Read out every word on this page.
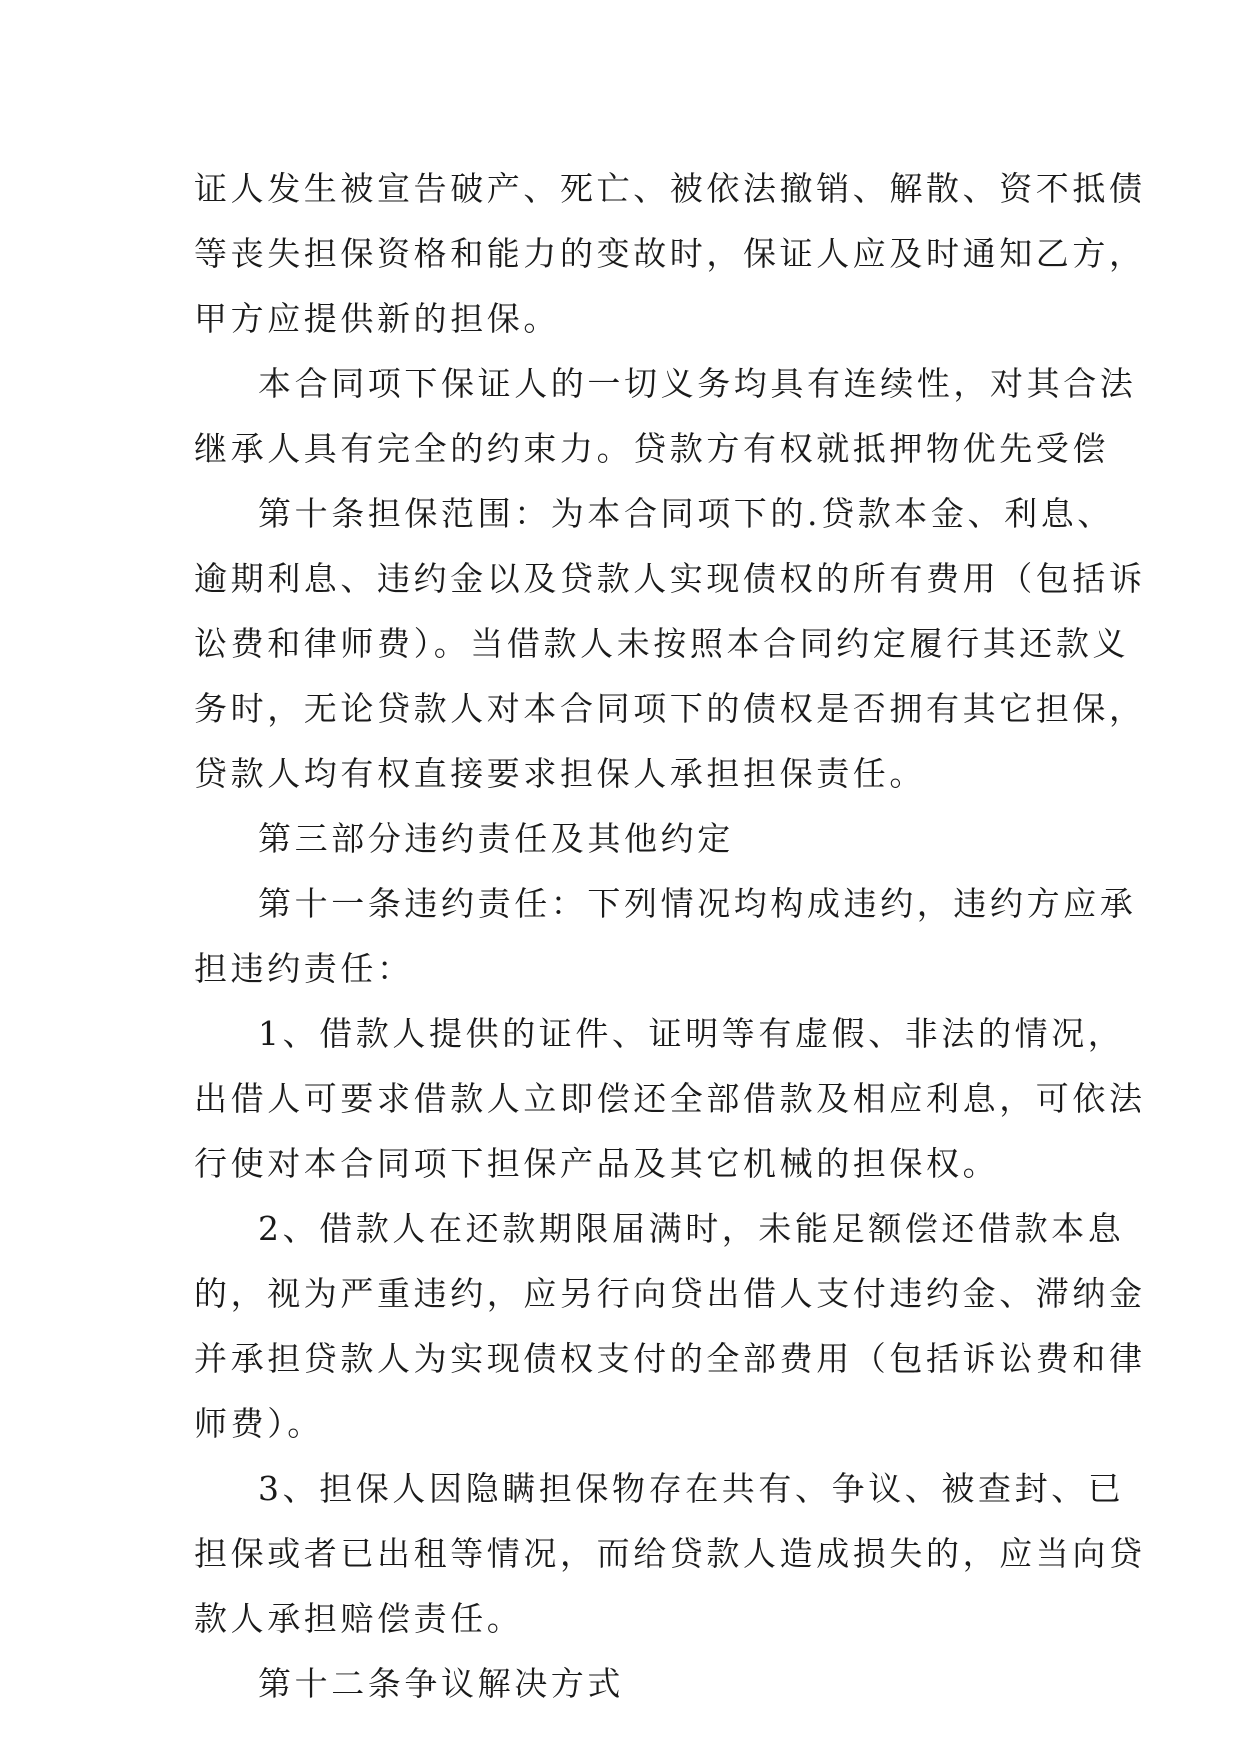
证人发生被宣告破产、死亡、被依法撤销、解散、资不抵债
等丧失担保资格和能力的变故时，保证人应及时通知乙方，
甲方应提供新的担保。
本合同项下保证人的一切义务均具有连续性，对其合法
继承人具有完全的约束力。贷款方有权就抵押物优先受偿
第十条担保范围：为本合同项下的.贷款本金、利息、
逾期利息、违约金以及贷款人实现债权的所有费用（包括诉
讼费和律师费）。当借款人未按照本合同约定履行其还款义
务时，无论贷款人对本合同项下的债权是否拥有其它担保，
贷款人均有权直接要求担保人承担担保责任。
第三部分违约责任及其他约定
第十一条违约责任：下列情况均构成违约，违约方应承
担违约责任：
1、借款人提供的证件、证明等有虚假、非法的情况，
出借人可要求借款人立即偿还全部借款及相应利息，可依法
行使对本合同项下担保产品及其它机械的担保权。
2、借款人在还款期限届满时，未能足额偿还借款本息
的，视为严重违约，应另行向贷出借人支付违约金、滞纳金
并承担贷款人为实现债权支付的全部费用（包括诉讼费和律
师费）。
3、担保人因隐瞒担保物存在共有、争议、被查封、已
担保或者已出租等情况，而给贷款人造成损失的，应当向贷
款人承担赔偿责任。
第十二条争议解决方式
